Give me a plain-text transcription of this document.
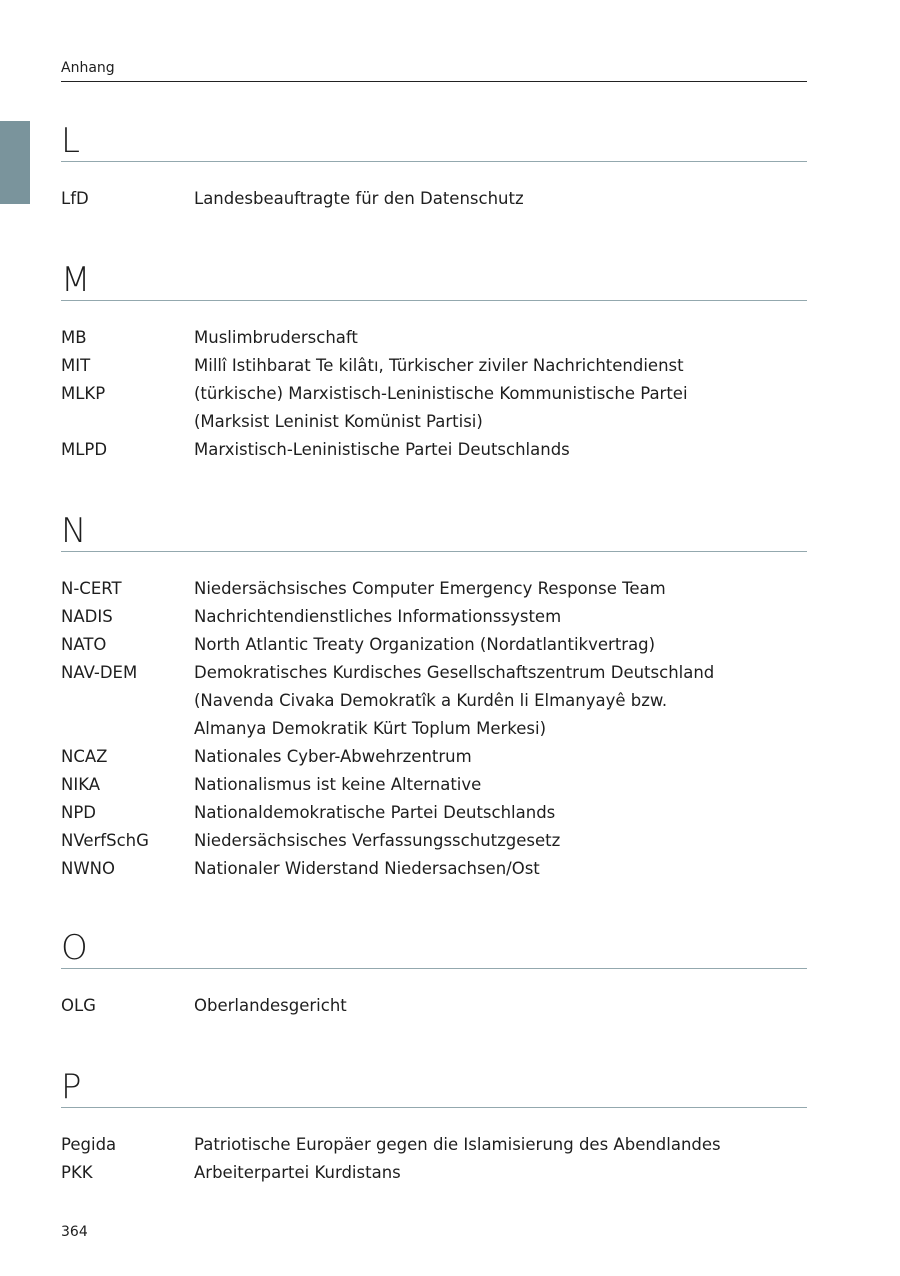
Anhang
L
LfD	Landesbeauftragte für den Datenschutz
M
MB	Muslimbruderschaft
MIT	Millî Istihbarat Te kilâtı, Türkischer ziviler Nachrichtendienst
MLKP	(türkische) Marxistisch-Leninistische Kommunistische Partei
(Marksist Leninist Komünist Partisi)
MLPD	Marxistisch-Leninistische Partei Deutschlands
N
N-CERT	Niedersächsisches Computer Emergency Response Team
NADIS	Nachrichtendienstliches Informationssystem
NATO	North Atlantic Treaty Organization (Nordatlantikvertrag)
NAV-DEM	Demokratisches Kurdisches Gesellschaftszentrum Deutschland
(Navenda Civaka Demokratîk a Kurdên li Elmanyayê bzw.
Almanya Demokratik Kürt Toplum Merkesi)
NCAZ	Nationales Cyber-Abwehrzentrum
NIKA	Nationalismus ist keine Alternative
NPD	Nationaldemokratische Partei Deutschlands
NVerfSchG	Niedersächsisches Verfassungsschutzgesetz
NWNO	Nationaler Widerstand Niedersachsen/Ost
O
OLG	Oberlandesgericht
P
Pegida	Patriotische Europäer gegen die Islamisierung des Abendlandes
PKK	Arbeiterpartei Kurdistans
364
